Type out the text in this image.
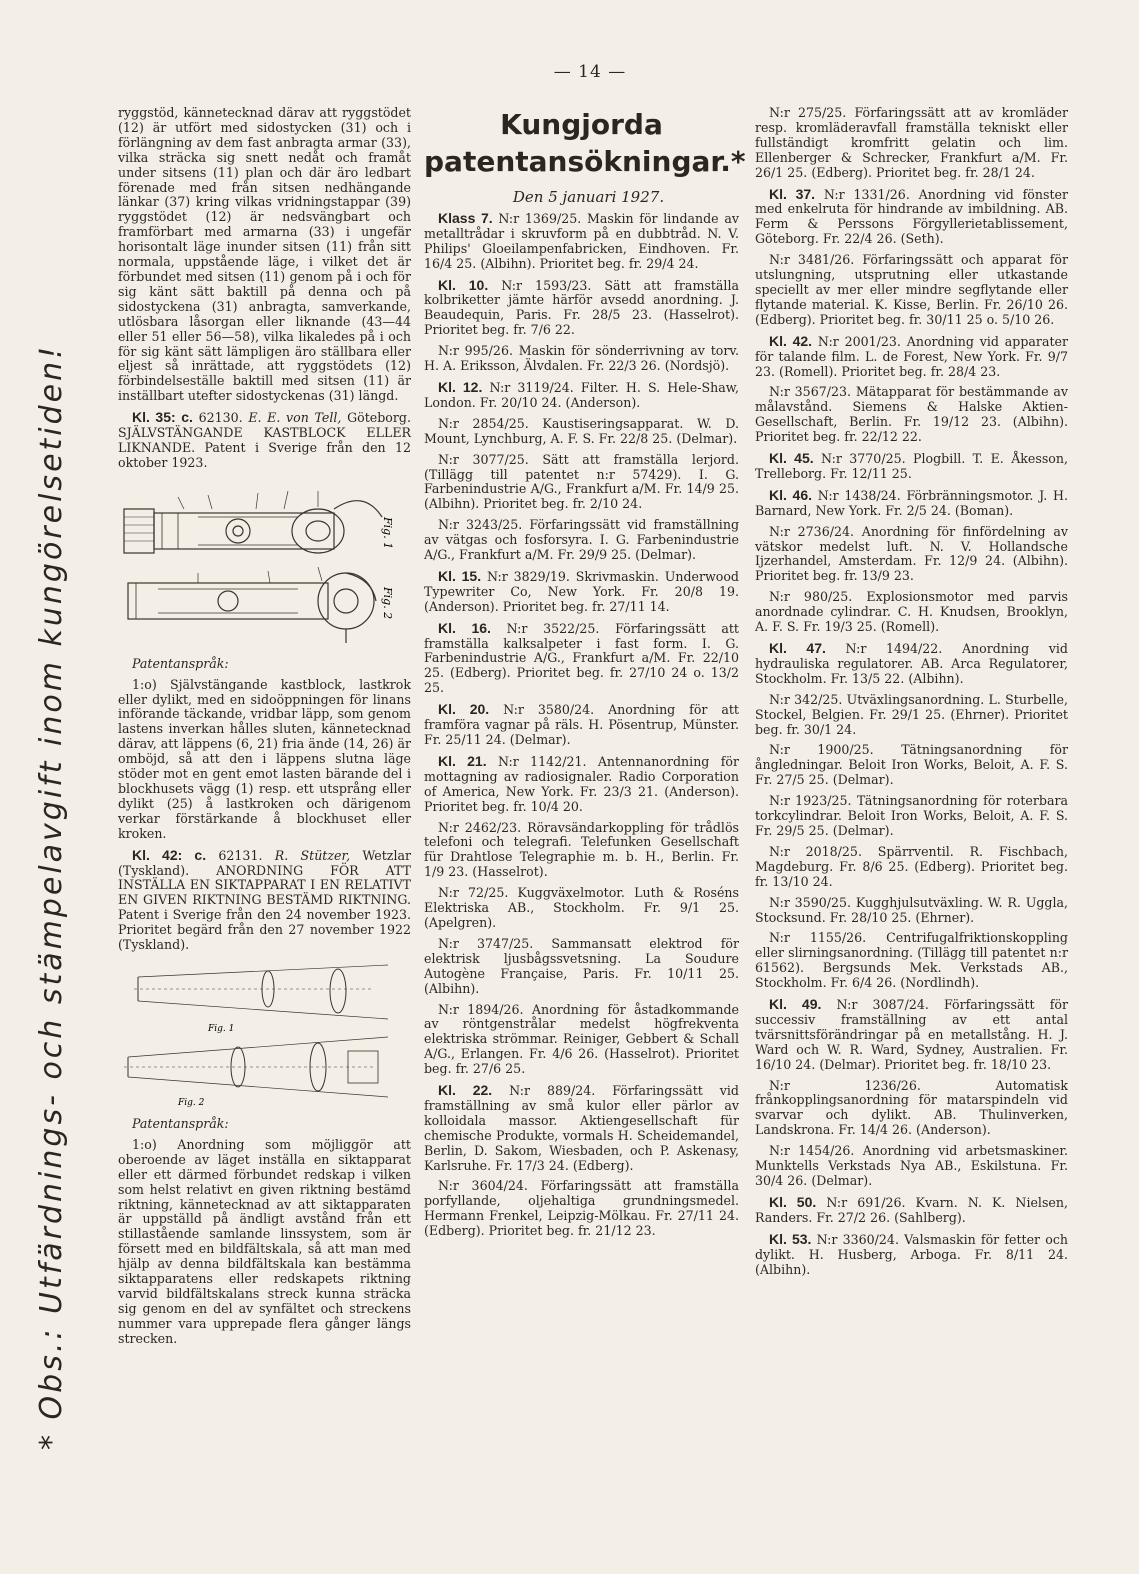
— 14 —
* Obs.: Utfärdnings- och stämpelavgift inom kungörelsetiden!

ryggstöd, kännetecknad därav att ryggstödet (12) är utfört med sidostycken (31) och i förlängning av dem fast anbragta armar (33), vilka sträcka sig snett nedåt och framåt under sitsens (11) plan och där äro ledbart förenade med från sitsen nedhängande länkar (37) kring vilkas vridningstappar (39) ryggstödet (12) är nedsvängbart och framförbart med armarna (33) i ungefär horisontalt läge inunder sitsen (11) från sitt normala, uppstående läge, i vilket det är förbundet med sitsen (11) genom på i och för sig känt sätt baktill på denna och på sidostyckena (31) anbragta, samverkande, utlösbara låsorgan eller liknande (43—44 eller 51 eller 56—58), vilka likaledes på i och för sig känt sätt lämpligen äro ställbara eller eljest så inrättade, att ryggstödets (12) förbindelseställe baktill med sitsen (11) är inställbart utefter sidostyckenas (31) längd.

Kl. 35: c. 62130. E. E. von Tell, Göteborg. SJÄLVSTÄNGANDE KASTBLOCK ELLER LIKNANDE. Patent i Sverige från den 12 oktober 1923.

Fig. 1
Fig. 2

Patentanspråk:

1:o) Självstängande kastblock, lastkrok eller dylikt, med en sidoöppningen för linans införande täckande, vridbar läpp, som genom lastens inverkan hålles sluten, kännetecknad därav, att läppens (6, 21) fria ände (14, 26) är omböjd, så att den i läppens slutna läge stöder mot en gent emot lasten bärande del i blockhusets vägg (1) resp. ett utsprång eller dylikt (25) å lastkroken och därigenom verkar förstärkande å blockhuset eller kroken.

Kl. 42: c. 62131. R. Stützer, Wetzlar (Tyskland). ANORDNING FÖR ATT INSTÄLLA EN SIKTAPPARAT I EN RELATIVT EN GIVEN RIKTNING BESTÄMD RIKTNING. Patent i Sverige från den 24 november 1923. Prioritet begärd från den 27 november 1922 (Tyskland).

Fig. 1
Fig. 2

Patentanspråk:

1:o) Anordning som möjliggör att oberoende av läget inställa en siktapparat eller ett därmed förbundet redskap i vilken som helst relativt en given riktning bestämd riktning, kännetecknad av att siktapparaten är uppställd på ändligt avstånd från ett stillastående samlande linssystem, som är försett med en bildfältskala, så att man med hjälp av denna bildfältskala kan bestämma siktapparatens eller redskapets riktning varvid bildfältskalans streck kunna sträcka sig genom en del av synfältet och streckens nummer vara upprepade flera gånger längs strecken.

Kungjorda patentansökningar.*

Den 5 januari 1927.

Klass 7. N:r 1369/25. Maskin för lindande av metalltrådar i skruvform på en dubbtråd. N. V. Philips' Gloeilampenfabricken, Eindhoven. Fr. 16/4 25. (Albihn). Prioritet beg. fr. 29/4 24.

Kl. 10. N:r 1593/23. Sätt att framställa kolbriketter jämte härför avsedd anordning. J. Beaudequin, Paris. Fr. 28/5 23. (Hasselrot). Prioritet beg. fr. 7/6 22.

N:r 995/26. Maskin för sönderrivning av torv. H. A. Eriksson, Älvdalen. Fr. 22/3 26. (Nordsjö).

Kl. 12. N:r 3119/24. Filter. H. S. Hele-Shaw, London. Fr. 20/10 24. (Anderson).

N:r 2854/25. Kaustiseringsapparat. W. D. Mount, Lynchburg, A. F. S. Fr. 22/8 25. (Delmar).

N:r 3077/25. Sätt att framställa lerjord. (Tillägg till patentet n:r 57429). I. G. Farbenindustrie A/G., Frankfurt a/M. Fr. 14/9 25. (Albihn). Prioritet beg. fr. 2/10 24.

N:r 3243/25. Förfaringssätt vid framställning av vätgas och fosforsyra. I. G. Farbenindustrie A/G., Frankfurt a/M. Fr. 29/9 25. (Delmar).

Kl. 15. N:r 3829/19. Skrivmaskin. Underwood Typewriter Co, New York. Fr. 20/8 19. (Anderson). Prioritet beg. fr. 27/11 14.

Kl. 16. N:r 3522/25. Förfaringssätt att framställa kalksalpeter i fast form. I. G. Farbenindustrie A/G., Frankfurt a/M. Fr. 22/10 25. (Edberg). Prioritet beg. fr. 27/10 24 o. 13/2 25.

Kl. 20. N:r 3580/24. Anordning för att framföra vagnar på räls. H. Pösentrup, Münster. Fr. 25/11 24. (Delmar).

Kl. 21. N:r 1142/21. Antennanordning för mottagning av radiosignaler. Radio Corporation of America, New York. Fr. 23/3 21. (Anderson). Prioritet beg. fr. 10/4 20.

N:r 2462/23. Röravsändarkoppling för trådlös telefoni och telegrafi. Telefunken Gesellschaft für Drahtlose Telegraphie m. b. H., Berlin. Fr. 1/9 23. (Hasselrot).

N:r 72/25. Kuggväxelmotor. Luth & Roséns Elektriska AB., Stockholm. Fr. 9/1 25. (Apelgren).

N:r 3747/25. Sammansatt elektrod för elektrisk ljusbågssvetsning. La Soudure Autogène Française, Paris. Fr. 10/11 25. (Albihn).

N:r 1894/26. Anordning för åstadkommande av röntgenstrålar medelst högfrekventa elektriska strömmar. Reiniger, Gebbert & Schall A/G., Erlangen. Fr. 4/6 26. (Hasselrot). Prioritet beg. fr. 27/6 25.

Kl. 22. N:r 889/24. Förfaringssätt vid framställning av små kulor eller pärlor av kolloidala massor. Aktiengesellschaft für chemische Produkte, vormals H. Scheidemandel, Berlin, D. Sakom, Wiesbaden, och P. Askenasy, Karlsruhe. Fr. 17/3 24. (Edberg).

N:r 3604/24. Förfaringssätt att framställa porfyllande, oljehaltiga grundningsmedel. Hermann Frenkel, Leipzig-Mölkau. Fr. 27/11 24. (Edberg). Prioritet beg. fr. 21/12 23.

N:r 275/25. Förfaringssätt att av kromläder resp. kromläderavfall framställa tekniskt eller fullständigt kromfritt gelatin och lim. Ellenberger & Schrecker, Frankfurt a/M. Fr. 26/1 25. (Edberg). Prioritet beg. fr. 28/1 24.

Kl. 37. N:r 1331/26. Anordning vid fönster med enkelruta för hindrande av imbildning. AB. Ferm & Perssons Förgyllerietablissement, Göteborg. Fr. 22/4 26. (Seth).

N:r 3481/26. Förfaringssätt och apparat för utslungning, utsprutning eller utkastande speciellt av mer eller mindre segflytande eller flytande material. K. Kisse, Berlin. Fr. 26/10 26. (Edberg). Prioritet beg. fr. 30/11 25 o. 5/10 26.

Kl. 42. N:r 2001/23. Anordning vid apparater för talande film. L. de Forest, New York. Fr. 9/7 23. (Romell). Prioritet beg. fr. 28/4 23.

N:r 3567/23. Mätapparat för bestämmande av målavstånd. Siemens & Halske Aktien-Gesellschaft, Berlin. Fr. 19/12 23. (Albihn). Prioritet beg. fr. 22/12 22.

Kl. 45. N:r 3770/25. Plogbill. T. E. Åkesson, Trelleborg. Fr. 12/11 25.

Kl. 46. N:r 1438/24. Förbränningsmotor. J. H. Barnard, New York. Fr. 2/5 24. (Boman).

N:r 2736/24. Anordning för finfördelning av vätskor medelst luft. N. V. Hollandsche Ijzerhandel, Amsterdam. Fr. 12/9 24. (Albihn). Prioritet beg. fr. 13/9 23.

N:r 980/25. Explosionsmotor med parvis anordnade cylindrar. C. H. Knudsen, Brooklyn, A. F. S. Fr. 19/3 25. (Romell).

Kl. 47. N:r 1494/22. Anordning vid hydrauliska regulatorer. AB. Arca Regulatorer, Stockholm. Fr. 13/5 22. (Albihn).

N:r 342/25. Utväxlingsanordning. L. Sturbelle, Stockel, Belgien. Fr. 29/1 25. (Ehrner). Prioritet beg. fr. 30/1 24.

N:r 1900/25. Tätningsanordning för ångledningar. Beloit Iron Works, Beloit, A. F. S. Fr. 27/5 25. (Delmar).

N:r 1923/25. Tätningsanordning för roterbara torkcylindrar. Beloit Iron Works, Beloit, A. F. S. Fr. 29/5 25. (Delmar).

N:r 2018/25. Spärrventil. R. Fischbach, Magdeburg. Fr. 8/6 25. (Edberg). Prioritet beg. fr. 13/10 24.

N:r 3590/25. Kugghjulsutväxling. W. R. Uggla, Stocksund. Fr. 28/10 25. (Ehrner).

N:r 1155/26. Centrifugalfriktionskoppling eller slirningsanordning. (Tillägg till patentet n:r 61562). Bergsunds Mek. Verkstads AB., Stockholm. Fr. 6/4 26. (Nordlindh).

Kl. 49. N:r 3087/24. Förfaringssätt för successiv framställning av ett antal tvärsnittsförändringar på en metallstång. H. J. Ward och W. R. Ward, Sydney, Australien. Fr. 16/10 24. (Delmar). Prioritet beg. fr. 18/10 23.

N:r 1236/26. Automatisk frånkopplingsanordning för matarspindeln vid svarvar och dylikt. AB. Thulinverken, Landskrona. Fr. 14/4 26. (Anderson).

N:r 1454/26. Anordning vid arbetsmaskiner. Munktells Verkstads Nya AB., Eskilstuna. Fr. 30/4 26. (Delmar).

Kl. 50. N:r 691/26. Kvarn. N. K. Nielsen, Randers. Fr. 27/2 26. (Sahlberg).

Kl. 53. N:r 3360/24. Valsmaskin för fetter och dylikt. H. Husberg, Arboga. Fr. 8/11 24. (Albihn).
